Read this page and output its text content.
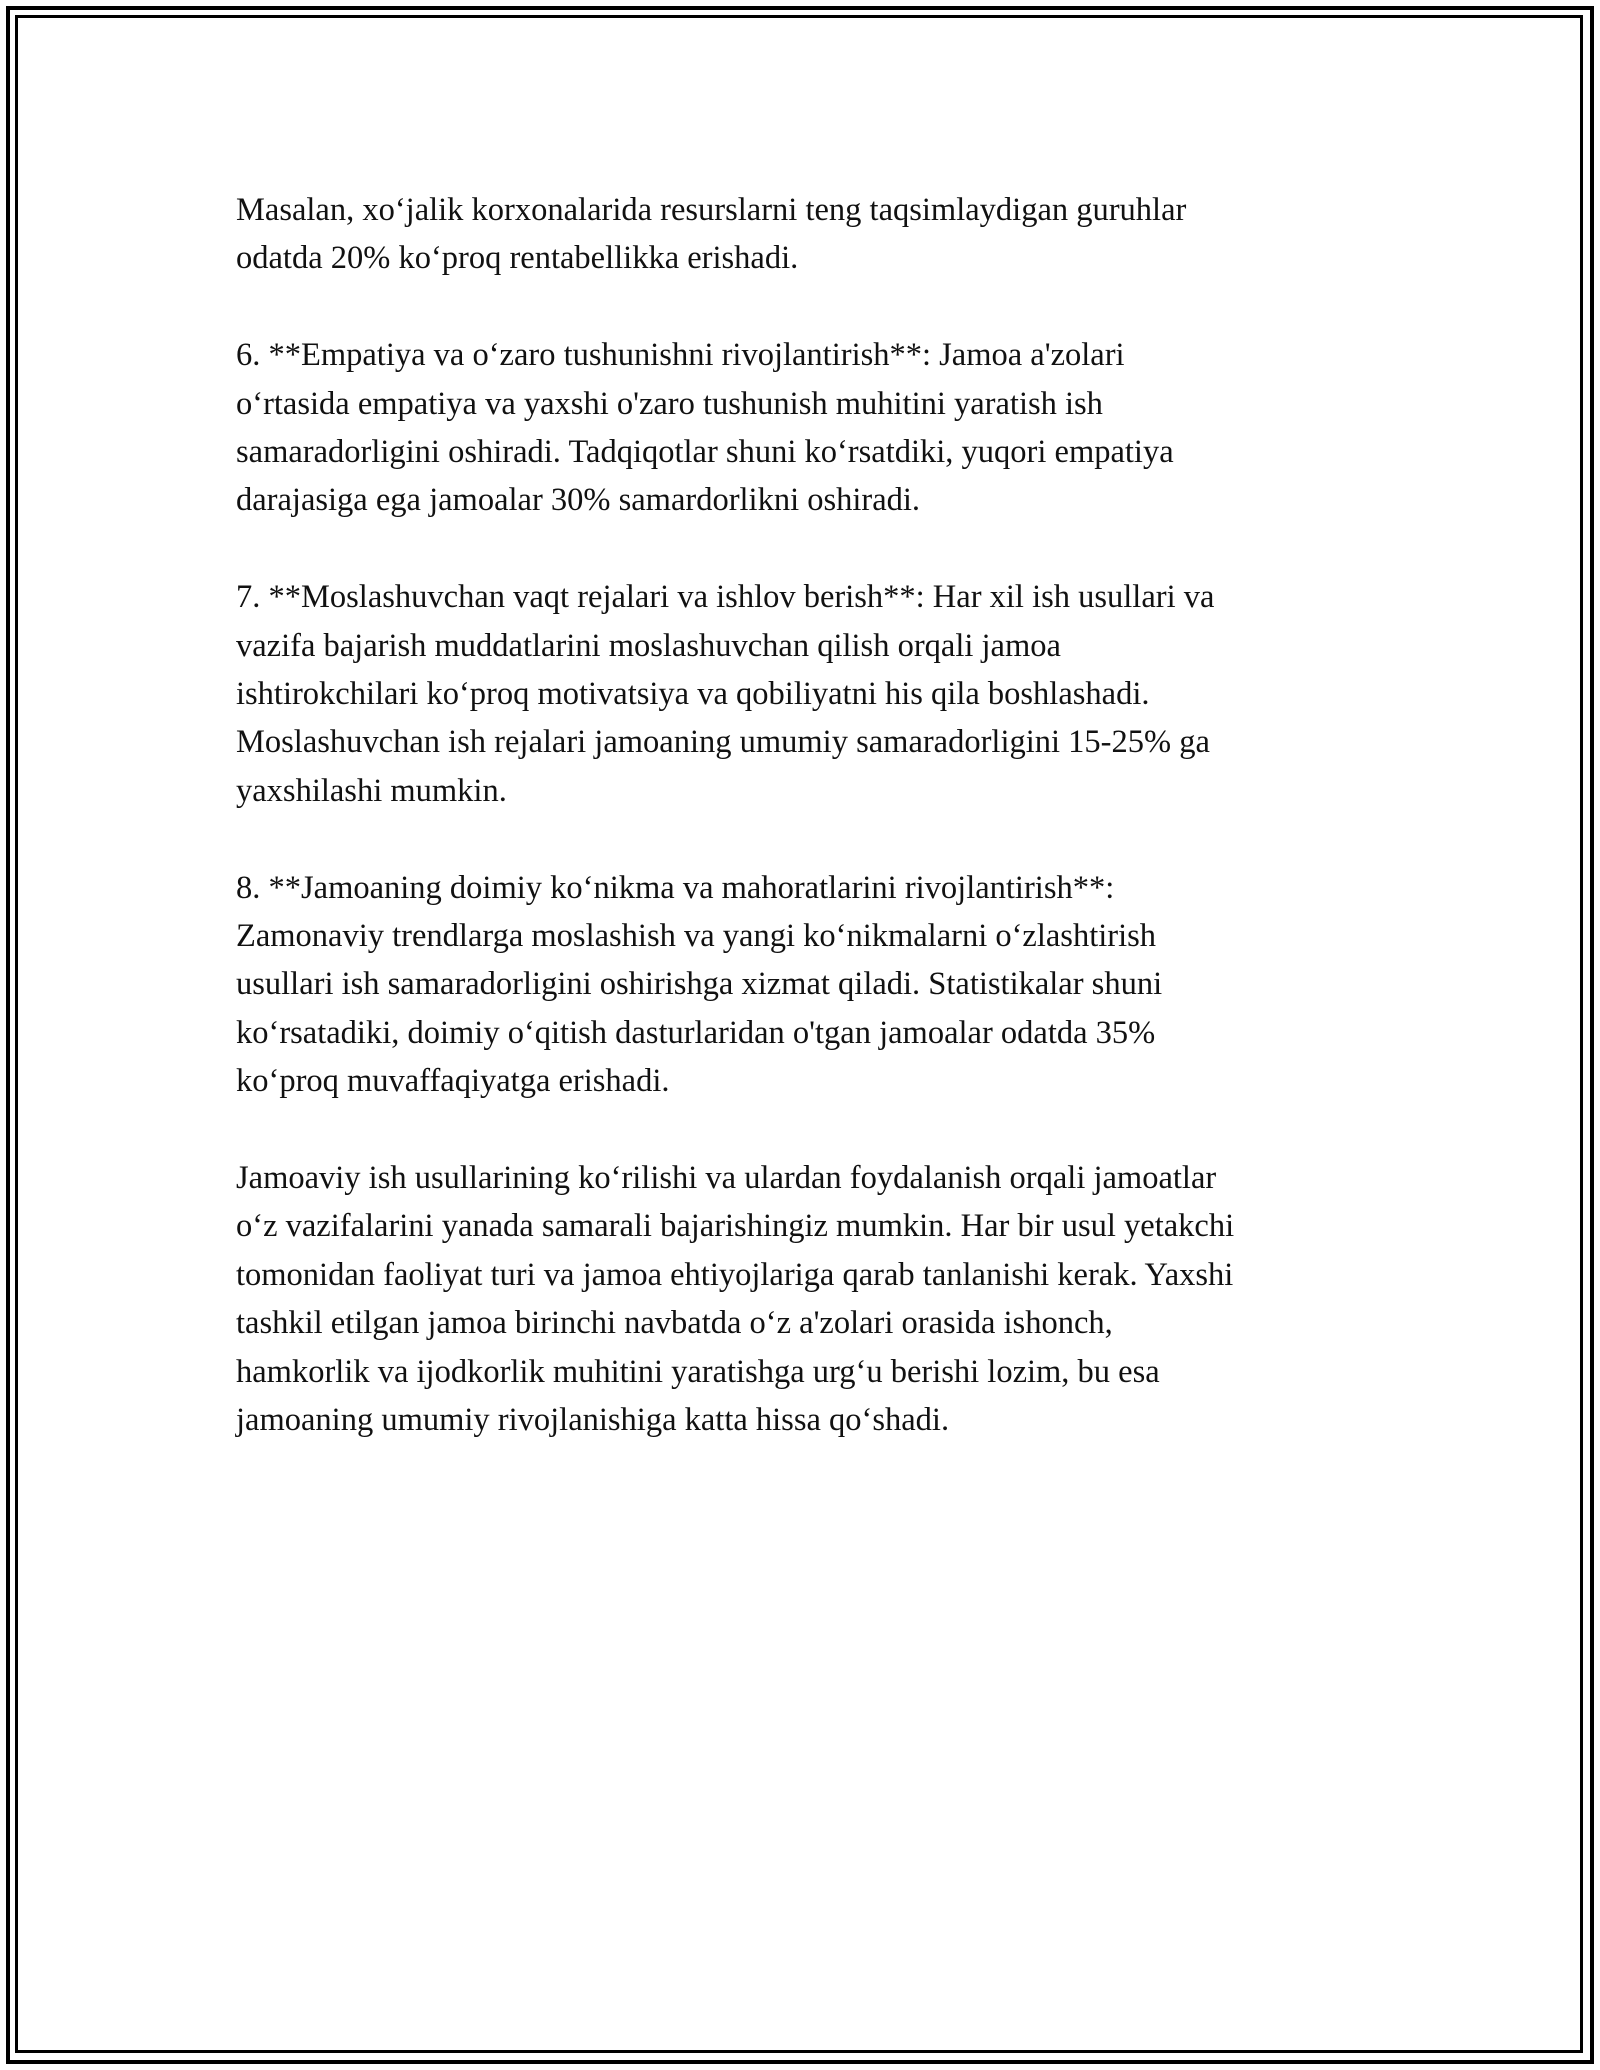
Masalan, xo‘jalik korxonalarida resurslarni teng taqsimlaydigan guruhlar
odatda 20% ko‘proq rentabellikka erishadi.

6. **Empatiya va o‘zaro tushunishni rivojlantirish**: Jamoa a'zolari
o‘rtasida empatiya va yaxshi o'zaro tushunish muhitini yaratish ish
samaradorligini oshiradi. Tadqiqotlar shuni ko‘rsatdiki, yuqori empatiya
darajasiga ega jamoalar 30% samardorlikni oshiradi.

7. **Moslashuvchan vaqt rejalari va ishlov berish**: Har xil ish usullari va
vazifa bajarish muddatlarini moslashuvchan qilish orqali jamoa
ishtirokchilari ko‘proq motivatsiya va qobiliyatni his qila boshlashadi.
Moslashuvchan ish rejalari jamoaning umumiy samaradorligini 15-25% ga
yaxshilashi mumkin.

8. **Jamoaning doimiy ko‘nikma va mahoratlarini rivojlantirish**:
Zamonaviy trendlarga moslashish va yangi ko‘nikmalarni o‘zlashtirish
usullari ish samaradorligini oshirishga xizmat qiladi. Statistikalar shuni
ko‘rsatadiki, doimiy o‘qitish dasturlaridan o'tgan jamoalar odatda 35%
ko‘proq muvaffaqiyatga erishadi.

Jamoaviy ish usullarining ko‘rilishi va ulardan foydalanish orqali jamoatlar
o‘z vazifalarini yanada samarali bajarishingiz mumkin. Har bir usul yetakchi
tomonidan faoliyat turi va jamoa ehtiyojlariga qarab tanlanishi kerak. Yaxshi
tashkil etilgan jamoa birinchi navbatda o‘z a'zolari orasida ishonch,
hamkorlik va ijodkorlik muhitini yaratishga urg‘u berishi lozim, bu esa
jamoaning umumiy rivojlanishiga katta hissa qo‘shadi.
